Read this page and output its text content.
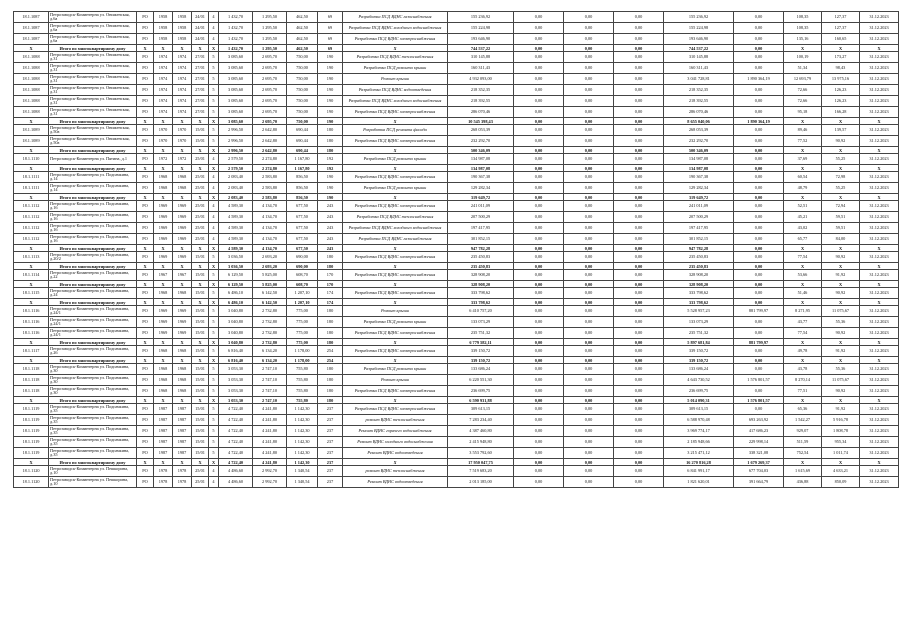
18.1.1087	Петрозаводск-Коминтерна ул. Ониженская, д.6а	РО	1958	1958	24/01	4	1 432,70	1 295,50	462,50	69	Разработка ПСД ВДНС газоснабжения	155 236,92	0,00	0,00	0,00	155 236,92	0,00	108,35	127,37	31.12.2023
18.1.1087	Петрозаводск-Коминтерна ул. Ониженская, д.6а	РО	1958	1958	24/01	4	1 432,70	1 295,50	462,50	69	Разработка ПСД ВДНС холодного водоснабжения	155 224,98	0,00	0,00	0,00	155 224,98	0,00	108,35	127,37	31.12.2023
18.1.1087	Петрозаводск-Коминтерна ул. Ониженская, д.6а	РО	1958	1958	24/01	4	1 432,70	1 295,50	462,50	69	Разработка ПСД ВДНС электроснабжения	193 646,90	0,00	0,00	0,00	193 646,90	0,00	135,16	160,65	31.12.2023
X	Итого по многоквартирному дому	X	X	X	X	X	1 432,70	1 295,50	462,50	69	X	744 537,22	0,00	0,00	0,00	744 537,22	0,00	X	X	X
18.1.1088	Петрозаводск-Коминтерна ул. Ониженская, д.31	РО	1974	1974	27/01	5	3 085,60	2 695,70	750,00	190	Разработка ПСД ВДНС теплоснабжения	310 145,88	0,00	0,00	0,00	310 145,88	0,00	100,19	173,27	31.12.2023
18.1.1088	Петрозаводск-Коминтерна ул. Ониженская, д.31	РО	1974	1974	27/01	5	3 085,60	2 695,70	750,00	190	Разработка ПСД ремонта крыши	160 311,43	0,00	0,00	0,00	160 311,43	0,00	51,34	98,43	31.12.2023
18.1.1088	Петрозаводск-Коминтерна ул. Ониженская, д.31	РО	1974	1974	27/01	5	3 085,60	2 695,70	750,00	190	Ремонт крыши	4 932 093,00	0,00	0,00	0,00	3 041 728,81	1 890 364,19	12 693,79	13 975,16	31.12.2023
18.1.1088	Петрозаводск-Коминтерна ул. Ониженская, д.31	РО	1974	1974	27/01	5	3 085,60	2 695,70	750,00	190	Разработка ПСД ВДНС водоотведения	218 352,35	0,00	0,00	0,00	218 352,35	0,00	72,66	126,23	31.12.2023
18.1.1088	Петрозаводск-Коминтерна ул. Ониженская, д.31	РО	1974	1974	27/01	5	3 085,60	2 695,70	750,00	190	Разработка ПСД ВДНС холодного водоснабжения	218 392,55	0,00	0,00	0,00	218 392,55	0,00	72,66	126,23	31.12.2023
18.1.1088	Петрозаводск-Коминтерна ул. Ониженская, д.31	РО	1974	1974	27/01	5	3 085,60	2 695,70	750,00	190	Разработка ПСД ВДНС электроснабжения	286 070,46	0,00	0,00	0,00	286 070,46	0,00	95,18	166,28	31.12.2023
X	Итого по многоквартирному дому	X	X	X	X	X	3 085,60	2 695,70	750,00	190	X	10 545 398,43	0,00	0,00	0,00	8 655 040,06	1 890 364,19	X	X	X
18.1.1089	Петрозаводск-Коминтерна ул. Ониженская, д.50а	РО	1970	1970	15/01	5	2 996,50	2 642,80	690,44	180	Разработка ПСД ремонта фасада	268 053,39	0,00	0,00	0,00	268 053,39	0,00	89,46	139,57	31.12.2023
18.1.1089	Петрозаводск-Коминтерна ул. Ониженская, д.50а	РО	1970	1970	15/01	5	2 996,50	2 642,80	690,44	180	Разработка ПСД ВДНС электроснабжения	232 292,70	0,00	0,00	0,00	232 292,70	0,00	77,52	90,92	31.12.2023
X	Итого по многоквартирному дому	X	X	X	X	X	2 996,50	2 642,80	690,44	180	X	500 346,09	0,00	0,00	0,00	500 346,09	0,00	X	X	X
18.1.1110	Петрозаводск-Коминтерна ул. Пятина, д.1	РО	1972	1972	25/01	4	2 579,50	2 274,80	1 167,80	192	Разработка ПСД ремонта крыши	134 987,08	0,00	0,00	0,00	134 987,08	0,00	37,69	55,25	31.12.2023
X	Итого по многоквартирному дому	X	X	X	X	X	2 579,50	2 274,80	1 167,80	192	X	134 987,08	0,00	0,00	0,00	134 987,08	0,00	X	X	X
18.1.1111	Петрозаводск-Коминтерна ул. Подпачкина, д.14	РО	1968	1968	25/01	4	2 083,40	2 583,80	856,50	190	Разработка ПСД ВДНС электроснабжения	190 367,38	0,00	0,00	0,00	190 367,38	0,00	60,54	72,98	31.12.2023
18.1.1111	Петрозаводск-Коминтерна ул. Подпачкина, д.14	РО	1968	1968	25/01	4	2 083,40	2 583,80	856,50	190	Разработка ПСД ремонта крыши	129 282,34	0,00	0,00	0,00	129 282,34	0,00	48,79	55,25	31.12.2023
X	Итого по многоквартирному дому	X	X	X	X	X	2 083,40	2 583,80	856,50	190	X	319 649,72	0,00	0,00	0,00	319 649,72	0,00	X	X	X
18.1.1112	Петрозаводск-Коминтерна ул. Подпачкина, д.16	РО	1969	1969	25/01	4	4 589,30	4 134,70	677,50	243	Разработка ПСД ВДНС электроснабжения	241 011,09	0,00	0,00	0,00	241 011,09	0,00	52,51	72,94	31.12.2023
18.1.1112	Петрозаводск-Коминтерна ул. Подпачкина, д.16	РО	1969	1969	25/01	4	4 589,30	4 134,70	677,50	243	Разработка ПСД ВДНС теплоснабжения	207 500,29	0,00	0,00	0,00	207 500,29	0,00	45,21	59,51	31.12.2023
18.1.1112	Петрозаводск-Коминтерна ул. Подпачкина, д.16	РО	1969	1969	25/01	4	4 589,30	4 134,70	677,50	243	Разработка ПСД ВДНС холодного водоснабжения	197 417,95	0,00	0,00	0,00	197 417,95	0,00	43,02	59,51	31.12.2023
18.1.1112	Петрозаводск-Коминтерна ул. Подпачкина, д.16	РО	1969	1969	25/01	4	4 589,30	4 134,70	677,50	243	Разработка ПСД ВДНС газоснабжения	301 852,15	0,00	0,00	0,00	301 852,15	0,00	65,77	84,00	31.12.2023
X	Итого по многоквартирному дому	X	X	X	X	X	4 589,30	4 134,70	677,50	243	X	947 782,28	0,00	0,00	0,00	947 782,28	0,00	X	X	X
18.1.1113	Петрозаводск-Коминтерна ул. Подпачкина, д.20/2	РО	1969	1969	15/01	5	3 036,50	2 693,20	690,00	180	Разработка ПСД ВДНС электроснабжения	235 450,83	0,00	0,00	0,00	235 450,83	0,00	77,54	90,92	31.12.2023
X	Итого по многоквартирному дому	X	X	X	X	X	3 036,50	2 693,20	690,00	180	X	235 450,83	0,00	0,00	0,00	235 450,83	0,00	X	X	X
18.1.1114	Петрозаводск-Коминтерна ул. Подпачкина, д.22	РО	1967	1967	15/01	5	6 129,50	5 825,00	608,70	170	Разработка ПСД ВДНС электроснабжения	328 908,20	0,00	0,00	0,00	328 908,20	0,00	53,66	91,92	31.12.2023
X	Итого по многоквартирному дому	X	X	X	X	X	6 129,50	5 825,00	608,70	170	X	328 908,20	0,00	0,00	0,00	328 908,20	0,00	X	X	X
18.1.1115	Петрозаводск-Коминтерна ул. Подпачкина, д.24	РО	1968	1968	15/01	5	6 486,10	6 142,50	1 207,10	174	Разработка ПСД ВДНС электроснабжения	333 798,62	0,00	0,00	0,00	333 798,62	0,00	51,46	90,92	31.12.2023
X	Итого по многоквартирному дому	X	X	X	X	X	6 486,10	6 142,50	1 207,10	174	X	333 798,62	0,00	0,00	0,00	333 798,62	0,00	X	X	X
18.1.1116	Петрозаводск-Коминтерна ул. Подпачкина, д.24/1	РО	1969	1969	15/01	5	3 040,80	2 732,80	775,00	180	Ремонт крыши	6 410 757,20	0,00	0,00	0,00	5 528 957,23	881 799,97	8 271,95	11 075,67	31.12.2023
18.1.1116	Петрозаводск-Коминтерна ул. Подпачкина, д.24/1	РО	1969	1969	15/01	5	3 040,80	2 732,80	775,00	180	Разработка ПСД ремонта крыши	133 073,29	0,00	0,00	0,00	133 073,29	0,00	43,77	55,36	31.12.2023
18.1.1116	Петрозаводск-Коминтерна ул. Подпачкина, д.24/1	РО	1969	1969	15/01	5	3 040,80	2 732,80	775,00	180	Разработка ПСД ВДНС электроснабжения	235 751,32	0,00	0,00	0,00	235 751,32	0,00	77,54	90,92	31.12.2023
X	Итого по многоквартирному дому	X	X	X	X	X	3 040,80	2 732,80	775,00	180	X	6 779 582,11	0,00	0,00	0,00	5 897 681,84	881 799,97	X	X	X
18.1.1117	Петрозаводск-Коминтерна ул. Подпачкина, д.26	РО	1968	1968	15/01	5	6 816,40	6 134,20	1 178,00	254	Разработка ПСД ВДНС электроснабжения	339 150,72	0,00	0,00	0,00	339 150,72	0,00	49,78	91,92	31.12.2023
X	Итого по многоквартирному дому	X	X	X	X	X	6 816,40	6 134,20	1 178,00	254	X	339 150,72	0,00	0,00	0,00	339 150,72	0,00	X	X	X
18.1.1118	Петрозаводск-Коминтерна ул. Подпачкина, д.30	РО	1968	1968	15/01	5	3 053,30	2 747,10	755,80	180	Разработка ПСД ремонта крыши	133 686,24	0,00	0,00	0,00	133 686,24	0,00	43,78	55,36	31.12.2023
18.1.1118	Петрозаводск-Коминтерна ул. Подпачкина, д.30	РО	1968	1968	15/01	5	3 053,30	2 747,10	755,80	180	Ремонт крыши	6 220 551,30	0,00	0,00	0,00	4 643 730,52	1 576 801,57	8 270,14	11 075,67	31.12.2023
18.1.1118	Петрозаводск-Коминтерна ул. Подпачкина, д.30	РО	1968	1968	15/01	5	3 053,30	2 747,10	755,80	180	Разработка ПСД ВДНС электроснабжения	236 699,75	0,00	0,00	0,00	236 699,75	0,00	77,51	90,92	31.12.2023
X	Итого по многоквартирному дому	X	X	X	X	X	3 053,30	2 747,10	755,80	180	X	6 590 931,88	0,00	0,00	0,00	5 014 090,31	1 576 801,57	X	X	X
18.1.1119	Петрозаводск-Коминтерна ул. Подпачкина, д.35	РО	1987	1987	15/01	5	4 722,40	4 241,80	1 142,30	237	Разработка ПСД ВДНС электроснабжения	309 613,15	0,00	0,00	0,00	309 613,15	0,00	65,36	91,92	31.12.2023
18.1.1119	Петрозаводск-Коминтерна ул. Подпачкина, д.35	РО	1987	1987	15/01	5	4 722,40	4 241,80	1 142,30	237	ремонт ВДНС теплоснабжения	7 283 234,40	0,00	0,00	0,00	6 588 970,48	693 263,92	1 542,27	5 916,78	31.12.2023
18.1.1119	Петрозаводск-Коминтерна ул. Подпачкина, д.35	РО	1987	1987	15/01	5	4 722,40	4 241,80	1 142,30	237	Ремонт ВДНС горячего водоснабжения	4 387 460,80	0,00	0,00	0,00	3 969 774,17	417 686,23	929,07	1 808,78	31.12.2023
18.1.1119	Петрозаводск-Коминтерна ул. Подпачкина, д.35	РО	1987	1987	15/01	5	4 722,40	4 241,80	1 142,30	237	Ремонт ВДНС холодного водоснабжения	2 415 948,80	0,00	0,00	0,00	2 185 948,66	229 998,14	511,59	955,34	31.12.2023
18.1.1119	Петрозаводск-Коминтерна ул. Подпачкина, д.35	РО	1987	1987	15/01	5	4 722,40	4 241,80	1 142,30	237	Ремонт ВДНС водоотведения	3 553 792,60	0,00	0,00	0,00	3 215 471,12	338 321,08	752,54	1 011,74	31.12.2023
X	Итого по многоквартирному дому	X	X	X	X	X	4 722,40	4 241,80	1 142,30	237	X	17 950 047,75	0,00	0,00	0,00	16 270 816,28	1 679 269,37	X	X	X
18.1.1120	Петрозаводск-Коминтерна ул. Пешкорина, д.10	РО	1978	1978	25/01	4	4 486,60	2 992,70	1 340,54	237	ремонт ВДНС теплоснабжения	7 519 683,20	0,00	0,00	0,00	6 841 991,17	677 704,03	1 615,69	4 633,21	31.12.2023
18.1.1120	Петрозаводск-Коминтерна ул. Пешкорина, д.10	РО	1978	1978	25/01	4	4 486,60	2 992,70	1 340,54	237	Ремонт ВДНС водоотведения	2 013 185,00	0,00	0,00	0,00	1 821 620,01	391 664,79	436,88	850,09	31.12.2023
